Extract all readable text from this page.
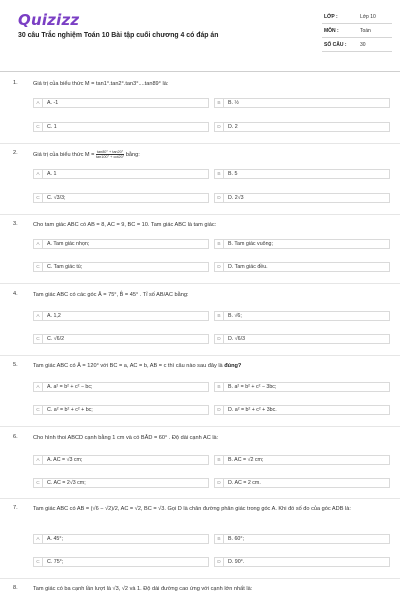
Quizizz
30 câu Trắc nghiệm Toán 10 Bài tập cuối chương 4 có đáp án
LỚP :	Lớp 10
MÔN :	Toán
SỐ CÂU :	30
1.	Giá trị của biểu thức M = tan1°.tan2°.tan3°....tan89° là:
A	A. -1	B	B. ½
C	C. 1	D	D. 2
2.	Giá trị của biểu thức $M = \frac{\tan 80^\circ + \tan 20^\circ}{\tan 100^\circ + \cot 20^\circ}$ bằng:
A	A. 1	B	B. 5
C	C. √3/3;	D	D. 2√3
3.	Cho tam giác ABC có AB = 8, AC = 9, BC = 10. Tam giác ABC là tam giác:
A	A. Tam giác nhọn;	B	B. Tam giác vuông;
C	C. Tam giác tù;	D	D. Tam giác đều.
4.	Tam giác ABC có các góc Â = 75°, B̂ = 45° . Tỉ số AB/AC bằng:
A	A. 1,2	B	B. √6;
C	C. √6/2	D	D. √6/3
5.	Tam giác ABC có Â = 120° với BC = a, AC = b, AB = c thì câu nào sau đây là đúng?
A	A. a² = b² + c² − bc;	B	B. a² = b² + c² − 3bc;
C	C. a² = b² + c² + bc;	D	D. a² = b² + c² + 3bc.
6.	Cho hình thoi ABCD cạnh bằng 1 cm và có BÂD = 60° . Độ dài cạnh AC là:
A	A. AC = √3 cm;	B	B. AC = √2 cm;
C	C. AC = 2√3 cm;	D	D. AC = 2 cm.
7.	Tam giác ABC có AB = (√6 − √2)/2, AC = √2, BC = √3. Gọi D là chân đường phân giác trong góc A. Khi đó số đo của góc ADB là:
A	A. 45°;	B	B. 60°;
C	C. 75°;	D	D. 90°.
8.	Tam giác có ba cạnh lần lượt là √3, √2 và 1. Độ dài đường cao ứng với cạnh lớn nhất là:
